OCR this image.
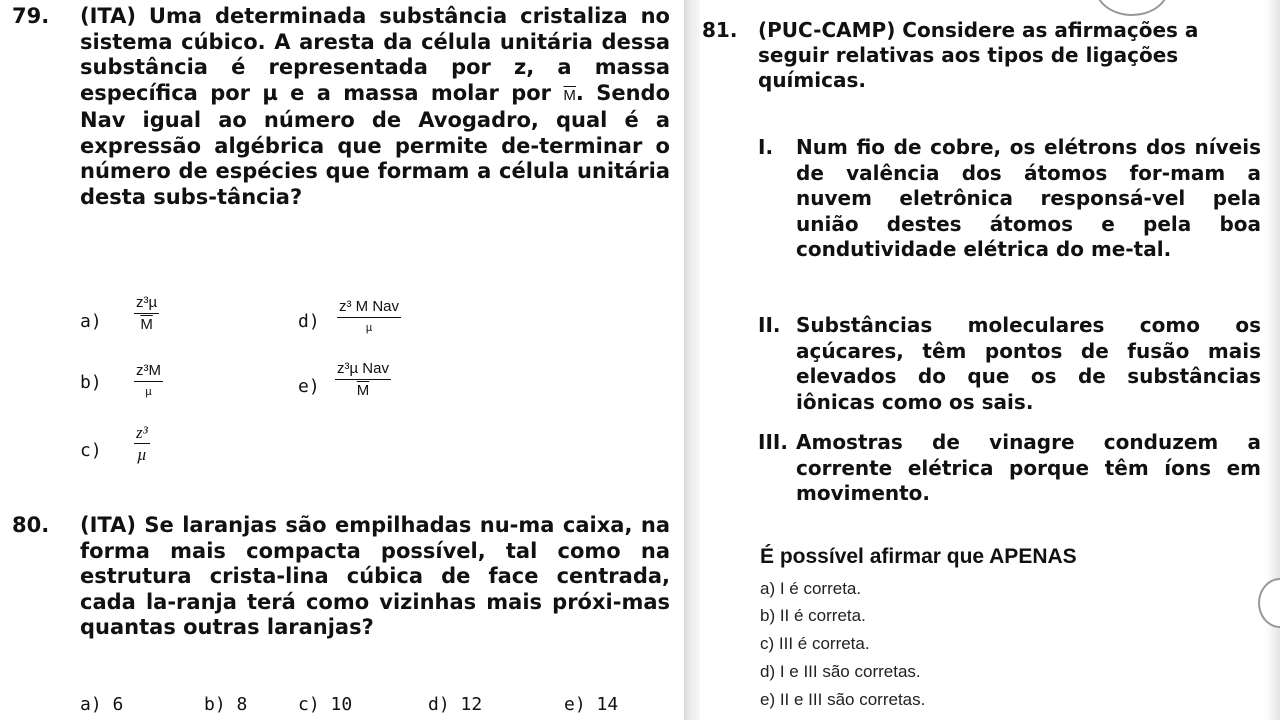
79. (ITA) Uma determinada substância cristaliza no sistema cúbico. A aresta da célula unitária dessa substância é representada por z, a massa específica por µ e a massa molar por $\overline{M}$. Sendo Nav igual ao número de Avogadro, qual é a expressão algébrica que permite de-terminar o número de espécies que formam a célula unitária desta subs-tância?
a)
z³µ
$\overline{M}$
b)
z³M
µ
c)
z³
µ
d)
z³ M Nav
µ
e)
z³µ Nav
$\overline{M}$
80. (ITA) Se laranjas são empilhadas nu-ma caixa, na forma mais compacta possível, tal como na estrutura crista-lina cúbica de face centrada, cada la-ranja terá como vizinhas mais próxi-mas quantas outras laranjas?
a) 6	b) 8	c) 10	d) 12	e) 14
81. (PUC-CAMP) Considere as afirmações a seguir relativas aos tipos de ligações químicas.
I. Num fio de cobre, os elétrons dos níveis de valência dos átomos for-mam a nuvem eletrônica responsá-vel pela união destes átomos e pela boa condutividade elétrica do me-tal.
II. Substâncias moleculares como os açúcares, têm pontos de fusão mais elevados do que os de substâncias iônicas como os sais.
III. Amostras de vinagre conduzem a corrente elétrica porque têm íons em movimento.
É possível afirmar que APENAS
a) I é correta.
b) II é correta.
c) III é correta.
d) I e III são corretas.
e) II e III são corretas.
